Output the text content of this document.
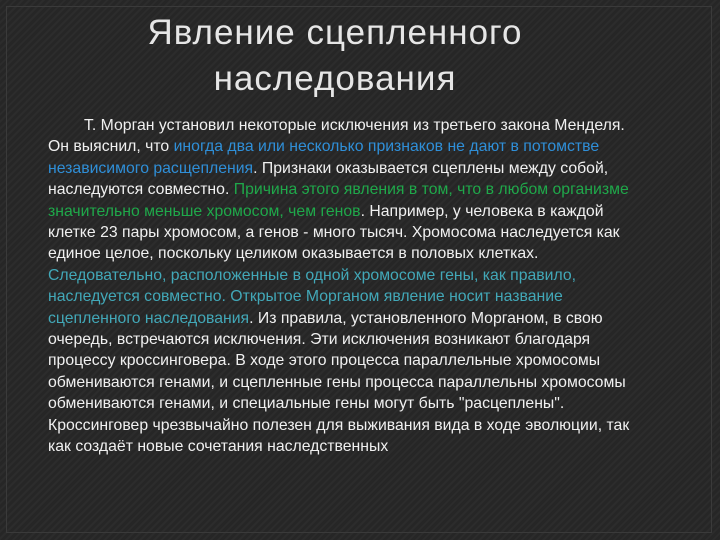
Явление сцепленного
наследования

Т. Морган установил некоторые исключения из третьего закона Менделя. Он выяснил, что иногда два или несколько признаков не дают в потомстве независимого расщепления. Признаки оказывается сцеплены между собой, наследуются совместно. Причина этого явления в том, что в любом организме значительно меньше хромосом, чем генов. Например, у человека в каждой клетке 23 пары хромосом, а генов - много тысяч. Хромосома наследуется как единое целое, поскольку целиком оказывается в половых клетках. Следовательно, расположенные в одной хромосоме гены, как правило, наследуется совместно. Открытое Морганом явление носит название сцепленного наследования. Из правила, установленного Морганом, в свою очередь, встречаются исключения. Эти исключения возникают благодаря процессу кроссинговера. В ходе этого процесса параллельные хромосомы обмениваются генами, и сцепленные гены процесса параллельны хромосомы обмениваются генами, и специальные гены могут быть "расцеплены". Кроссинговер чрезвычайно полезен для выживания вида в ходе эволюции, так как создаёт новые сочетания наследственных
